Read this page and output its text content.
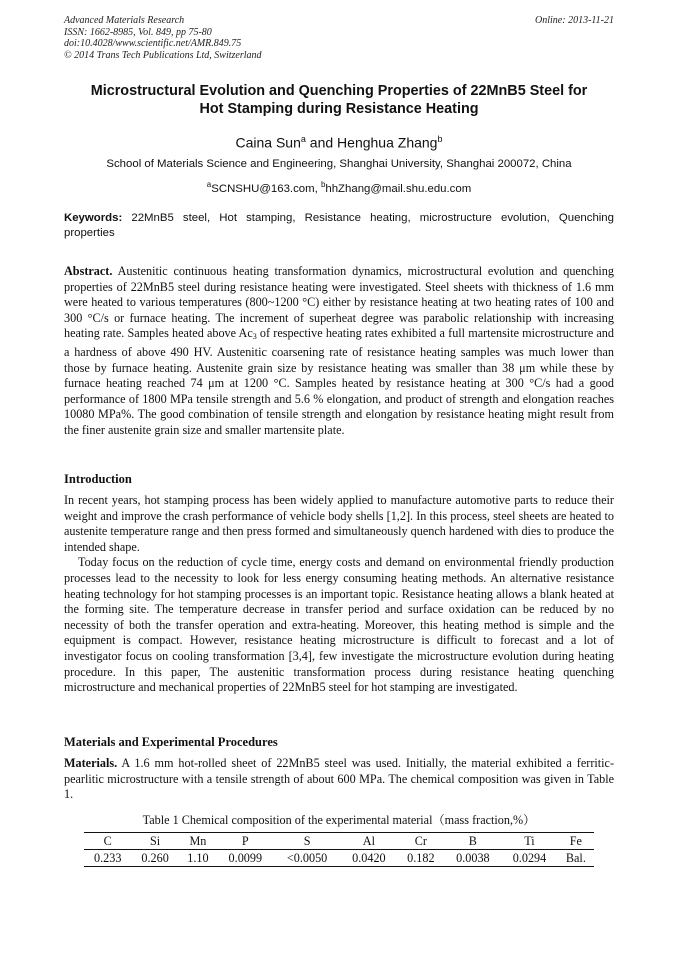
Advanced Materials Research
ISSN: 1662-8985, Vol. 849, pp 75-80
doi:10.4028/www.scientific.net/AMR.849.75
© 2014 Trans Tech Publications Ltd, Switzerland
Online: 2013-11-21
Microstructural Evolution and Quenching Properties of 22MnB5 Steel for
Hot Stamping during Resistance Heating
Caina Sun$^a$ and Henghua Zhang$^b$
School of Materials Science and Engineering, Shanghai University, Shanghai 200072, China
$^a$SCNSHU@163.com, $^b$hhZhang@mail.shu.edu.com
Keywords: 22MnB5 steel, Hot stamping, Resistance heating, microstructure evolution, Quenching properties
Abstract. Austenitic continuous heating transformation dynamics, microstructural evolution and quenching properties of 22MnB5 steel during resistance heating were investigated. Steel sheets with thickness of 1.6 mm were heated to various temperatures (800~1200 °C) either by resistance heating at two heating rates of 100 and 300 °C/s or furnace heating. The increment of superheat degree was parabolic relationship with increasing heating rate. Samples heated above $Ac_3$ of respective heating rates exhibited a full martensite microstructure and a hardness of above 490 HV. Austenitic coarsening rate of resistance heating samples was much lower than those by furnace heating. Austenite grain size by resistance heating was smaller than 38 μm while these by furnace heating reached 74 μm at 1200 °C. Samples heated by resistance heating at 300 °C/s had a good performance of 1800 MPa tensile strength and 5.6 % elongation, and product of strength and elongation reaches 10080 MPa%. The good combination of tensile strength and elongation by resistance heating might result from the finer austenite grain size and smaller martensite plate.
Introduction

In recent years, hot stamping process has been widely applied to manufacture automotive parts to reduce their weight and improve the crash performance of vehicle body shells [1,2]. In this process, steel sheets are heated to austenite temperature range and then press formed and simultaneously quench hardened with dies to produce the intended shape.

Today focus on the reduction of cycle time, energy costs and demand on environmental friendly production processes lead to the necessity to look for less energy consuming heating methods. An alternative resistance heating technology for hot stamping processes is an important topic. Resistance heating allows a blank heated at the forming site. The temperature decrease in transfer period and surface oxidation can be reduced by no necessity of both the transfer operation and extra-heating. Moreover, this heating method is simple and the equipment is compact. However, resistance heating microstructure is difficult to forecast and a lot of investigator focus on cooling transformation [3,4], few investigate the microstructure evolution during heating procedure. In this paper, The austenitic transformation process during resistance heating quenching microstructure and mechanical properties of 22MnB5 steel for hot stamping are investigated.

Materials and Experimental Procedures
Materials. A 1.6 mm hot-rolled sheet of 22MnB5 steel was used. Initially, the material exhibited a ferritic-pearlitic microstructure with a tensile strength of about 600 MPa. The chemical composition was given in Table 1.
Table 1 Chemical composition of the experimental material（mass fraction,%）
C	Si	Mn	P	S	Al	Cr	B	Ti	Fe
0.233	0.260	1.10	0.0099	<0.0050	0.0420	0.182	0.0038	0.0294	Bal.
